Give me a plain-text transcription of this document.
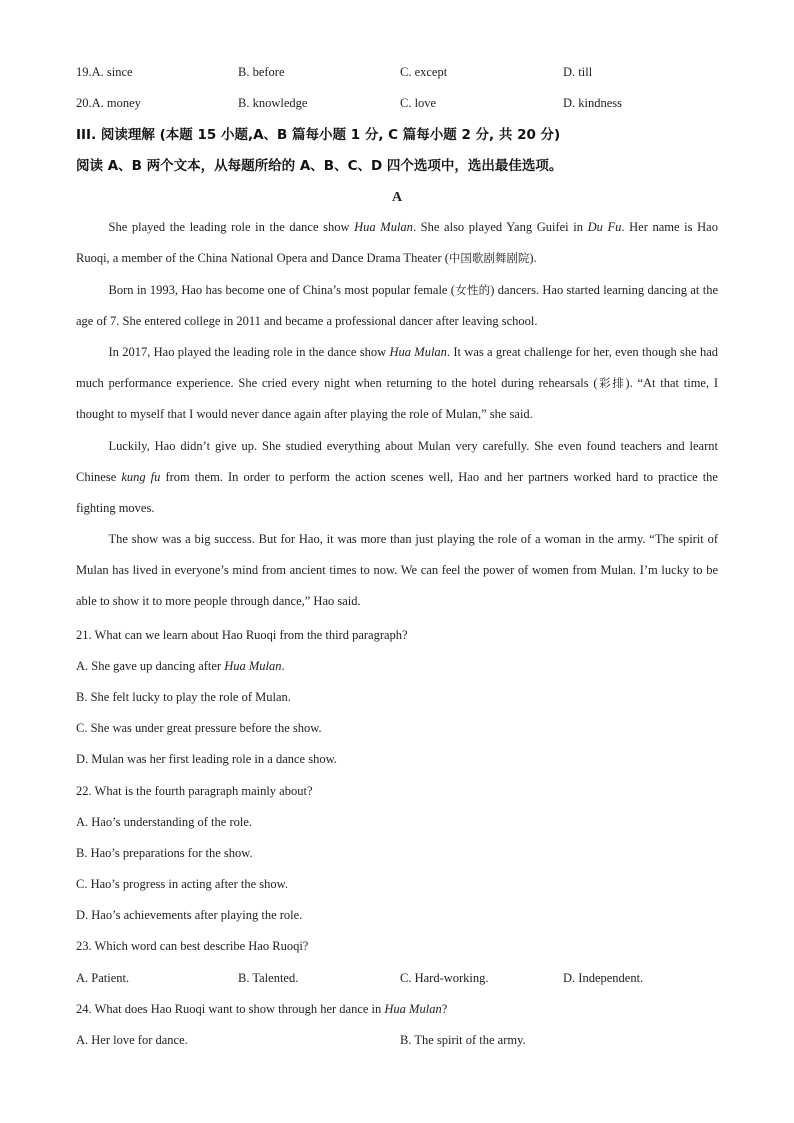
19. A. since	B. before	C. except	D. till
20. A. money	B. knowledge	C. love	D. kindness
III. 阅读理解 (本题 15 小题,A、B 篇每小题 1 分, C 篇每小题 2 分, 共 20 分)
阅读 A、B 两个文本，从每题所给的 A、B、C、D 四个选项中，选出最佳选项。
A

She played the leading role in the dance show Hua Mulan. She also played Yang Guifei in Du Fu. Her name is Hao Ruoqi, a member of the China National Opera and Dance Drama Theater (中国歌剧舞剧院).

Born in 1993, Hao has become one of China’s most popular female (女性的) dancers. Hao started learning dancing at the age of 7. She entered college in 2011 and became a professional dancer after leaving school.

In 2017, Hao played the leading role in the dance show Hua Mulan. It was a great challenge for her, even though she had much performance experience. She cried every night when returning to the hotel during rehearsals (彩排). “At that time, I thought to myself that I would never dance again after playing the role of Mulan,” she said.

Luckily, Hao didn’t give up. She studied everything about Mulan very carefully. She even found teachers and learnt Chinese kung fu from them. In order to perform the action scenes well, Hao and her partners worked hard to practice the fighting moves.

The show was a big success. But for Hao, it was more than just playing the role of a woman in the army. “The spirit of Mulan has lived in everyone’s mind from ancient times to now. We can feel the power of women from Mulan. I’m lucky to be able to show it to more people through dance,” Hao said.

21. What can we learn about Hao Ruoqi from the third paragraph?
A. She gave up dancing after Hua Mulan.
B. She felt lucky to play the role of Mulan.
C. She was under great pressure before the show.
D. Mulan was her first leading role in a dance show.
22. What is the fourth paragraph mainly about?
A. Hao’s understanding of the role.
B. Hao’s preparations for the show.
C. Hao’s progress in acting after the show.
D. Hao’s achievements after playing the role.
23. Which word can best describe Hao Ruoqi?
A. Patient.	B. Talented.	C. Hard-working.	D. Independent.
24. What does Hao Ruoqi want to show through her dance in Hua Mulan?
A. Her love for dance.	B. The spirit of the army.
